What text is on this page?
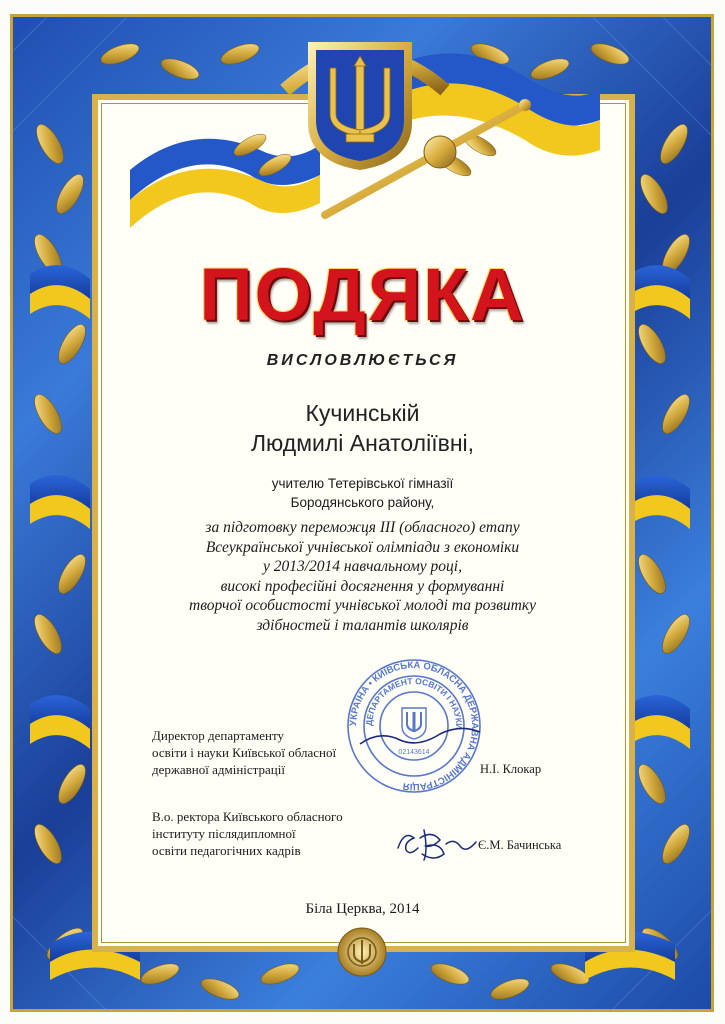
ПОДЯКА
ВИСЛОВЛЮЄТЬСЯ
Кучинській
Людмилі Анатоліївні,
учителю Тетерівської гімназії
Бородянського району,
за підготовку переможця ІІІ (обласного) етапу
Всеукраїнської учнівської олімпіади з економіки
у 2013/2014 навчальному році,
високі професійні досягнення у формуванні
творчої особистості учнівської молоді та розвитку
здібностей і талантів школярів
УКРАЇНА • КИЇВСЬКА ОБЛАСНА ДЕРЖАВНА АДМІНІСТРАЦІЯ
ДЕПАРТАМЕНТ ОСВІТИ І НАУКИ
02143614
Директор департаменту
освіти і науки Київської обласної
державної адміністрації	Н.І. Клокар
В.о. ректора Київського обласного
інституту післядипломної
освіти педагогічних кадрів	Є.М. Бачинська
Біла Церква, 2014
